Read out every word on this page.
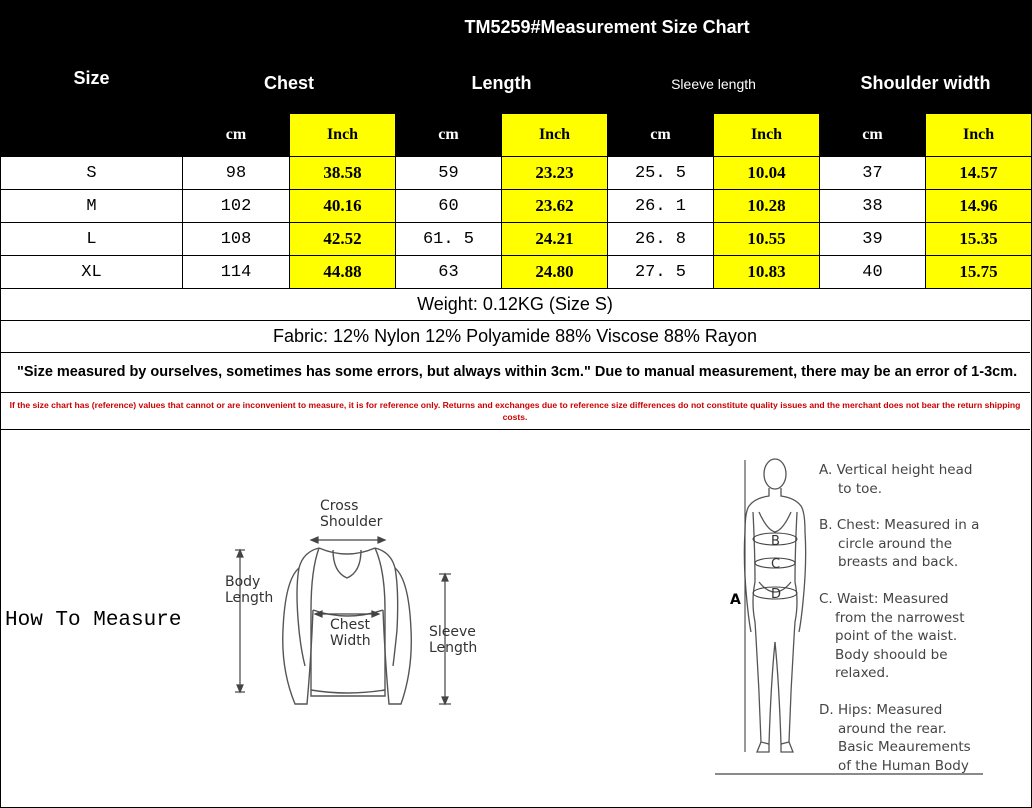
Size	TM5259#Measurement Size Chart							
	Chest		Length		Sleeve length		Shoulder width	
	cm	Inch	cm	Inch	cm	Inch	cm	Inch
S	98	38.58	59	23.23	25. 5	10.04	37	14.57
M	102	40.16	60	23.62	26. 1	10.28	38	14.96
L	108	42.52	61. 5	24.21	26. 8	10.55	39	15.35
XL	114	44.88	63	24.80	27. 5	10.83	40	15.75
Weight: 0.12KG (Size S)
Fabric: 12% Nylon 12% Polyamide 88% Viscose 88% Rayon
"Size measured by ourselves, sometimes has some errors, but always within 3cm." Due to manual measurement, there may be an error of 1-3cm.
If the size chart has (reference) values that cannot or are inconvenient to measure, it is for reference only. Returns and exchanges due to reference size differences do not constitute quality issues and the merchant does not bear the return shipping costs.
How To Measure
Cross
Shoulder
Body
Length
Chest
Width
Sleeve
Length
B
C
D
A
A. Vertical height head
to toe.
B. Chest: Measured in a
circle around the
breasts and back.
C. Waist: Measured
from the narrowest
point of the waist.
Body shoould be
relaxed.
D. Hips: Measured
around the rear.
Basic Meaurements
of the Human Body
